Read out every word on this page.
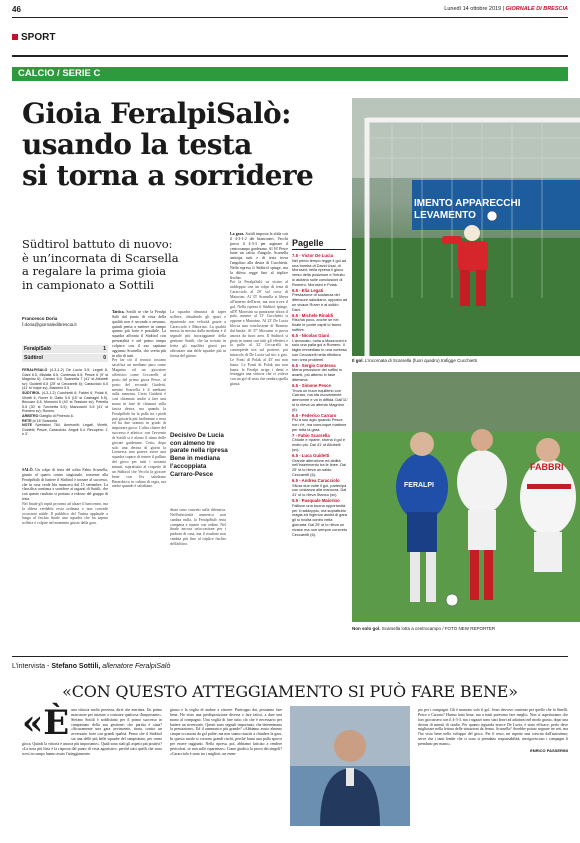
46	Lunedì 14 ottobre 2019 | GIORNALE DI BRESCIA
SPORT
CALCIO / SERIE C
Gioia FeralpiSalò:
usando la testa
si torna a sorridere
IMENTO APPARECCHI
LEVAMENTO
Il gol. L'incornata di Scarsella (fuori quadro) trafigge Cucchietti
Südtirol battuto di nuovo:
è un’incornata di Scarsella
a regalare la prima gioia
in campionato a Sottili
Francesco Doria
f.doria@giornaledibrescia.it
FeralpiSalò	1
Südtirol	0
FERALPISALÒ (4-3-1-2) De Lucia 5.5; Legati 6, Giani 6.5, Mislalia 6.5, Contessa 6.5; Pesce 6 (9' st Magnino 6), Carraro 6.5, Scarsella 7 (41' st Altobelli sv); Guidetti 6.5 (25' st Ceccarelli 6); Caracciolo 6.5 (41' st Volpe sv), Maiorino 5.5
SÜDTIROL (4-3-1-2) Cucchietti 6; Fabbri 6, Polak 6, Vinetti 6, Rover 6; Gatto 5.5 (15' st Casiraghi 5.5), Beccaro 6.5, Morosini 6 (40' st Tessiore sv); Petrella 5.5 (30' st Turchetta 5.5); Mazzocchi 5.5 (41' st Romero sv); Rovero.
ARBITRO Gariglio di Pinerolo 6.
RETE pt 16' Scarsella.
NOTE Spettatori 764. Ammoniti: Legati, Vinetti, Guidetti, Pesce, Caracciolo. Angoli 5-4. Recupero: 1' e 3'.
SALÒ. Un colpo di testa del solito Fabio Scarsella, giunto al quarto centro stagionale, consente alla FeralpiSalò di battere il Südtirol e tornare al successo, che in casa verde blu mancava dal 15 settembre. La classifica continua a sorridere ai ragazzi di Sottili, che con questo risultato si portano a ridosso del gruppo di testa.
Nel finale gli ospiti provano ad alzare il baricentro, ma la difesa verdeblu resta ordinata e non concede occasioni nitide. Il pubblico del Turina applaude a lungo al fischio finale una squadra che ha saputo soffrire e colpire nel momento giusto della gara.
Tattica. Sottili se che la Feralpi Salò dal punto di vista della qualità non è seconda a nessuno, quindi pensa a mettere in campo quanto più forte è possibile. La squadra affronta il Südtirol con personalità e nel primo tempo colpisce con il suo capitano aggiunto Scarsella, che svetta più in alto di tutti.
Per far ciò il tecnico toscano sacrifica un mediano puro come Magnino ed un giocatore offensivo come Ceccarelli: al posto del primo gioca Pesce, al posto del secondo Guidetti, mentre Scarsella è il mediano sulla mancina. Certo Guidetti è così chiamato anche a fare una mano in fase di chiusura sulla fascia destra, ma quando la FeralpiSalò ha la palla tra i piedi può giocarla più facilmente a terra ed ha due uomini in grado di impostare gioco. L'altra chiave del successo è atletica: con l'avvento di Sottili si è alzato il ritmo delle giocate gardesane. Certo, dopo solo una decina di giorni la Leonessa non poteva avere una squadra capace di tenere il pallino del gioco per tutti i novanta minuti, soprattutto al cospetto di un Südtirol che Vecchi fa giocare bene con l'ex salodiano Berardocco in cabina di regia, ma anche quando è salodiano.
La squadra dimostra di saper soffrire, chiudendo gli spazi e ripartendo con velocità grazie a Caracciolo e Maiorino. La qualità messa in mostra dalla mediana è il segnale più incoraggiante della gestione Sottili, che ha trovato in fretta gli equilibri giusti per affrontare una delle squadre più in forma del girone.
Decisivo De Lucia con almeno tre parate nella ripresa Bene in mediana l’accoppiata Carraro-Pesce
diani sono costretti sulla difensiva. Nell'inferiorità numerica non cambia nulla, la FeralpiSalò resta compatta e riparte con ordine. Nel finale ancora un'occasione per i padroni di casa, ma il risultato non cambia più fino al triplice fischio dell'arbitro.
La gara. Sottili imposta la sfida con il 4-3-1-2 dei bianconeri, Vecchi prova il 4-3-3 per arginare il centrocampo gardesano. Al 16' Pesce batte un calcio d'angolo, Scarsella anticipa tutti e di testa trova l'angolino alla destra di Cucchietti. Nella ripresa il Südtirol spinge, ma la difesa regge fino al triplice fischio.
Poi la FeralpiSalò va vicino al raddoppio con un colpo di testa di Caracciolo al 20' sul cross di Maiorino. Al 35' Scarsella si libera all'interno dell'area, ma non trova il gol. Nella ripresa il Südtirol spinge, all'8' Morosini su punizione sfiora il palo, mentre al 15' Cucchietti si oppone a Maiorino. Al 23' De Lucia blocca una conclusione di Romero dal limite. Al 37' Morosini ci prova ancora da fuori area. Il Südtirol si getta in avanti con tutti gli effettivi e la palla al 32' Ceccarelli in contropiede tira sul portiere, poi miracolo di De Lucia sul tiro a giro. Le Fonti di Polak al 45' ma non basta. Le Fonti di Polak ma non basta: la Feralpi strige i denti e festeggia una vittoria che ci voleva con un gol di testa che sembra quella giusta.
Pagelle
7.5 - Victor De Lucia
Nel primo tempo regge il gol ad una bomba di David Usai, di Morosini; nella ripresa il gioco verso della posizione e l'intuito lo aiutano sulle conclusioni di Romero, Morosini e Polak.
6.5 - Elia Legati
Prestazione di sostanza del difensore salodiano, opposto ad un vivace Rover e al solido Davi.
6.5 - Michele Rinaldi
Rischia poco, anche se nel finale le ponte ospiti lo fanno soffrire.
6.5 - Nicolas Giani
L'avvocato, nulla a Mazzocchi e solo una palla gol a Romero. Il taglio immediato in una contesa con Ceccarelli nella rifinitura non crea problemi.
6.5 - Sergio Contessa
Mena precisione del soffisi in avanti, più attento in fase difensiva.
6.5 - Simone Pesce
Trova un buon equilibrio con Carraro, ma sfa nuovamente ammonire e va in diffida. Dall'11' st lo rileva un attento Magnino (6).
6.5 - Federico Carraro
Più a suo agio quando Pesce non c'è, ma comunque mattone per tutta la gara.
7 - Fabio Scarsella
Chiude e riparte, sforna il gol e molto più. Dal 41' st Altobelli (sv).
6.5 - Luca Guidetti
Grande attenzione ed abilità nell'inserimento tra le linee. Dal 25' st lo rileva un saldo Ceccarelli (6).
6.5 - Andrea Caracciolo
Sfiora due volte il gol, partecipa con costanza alla manovra. Dal 41' st lo rileva Stanco (sv).
5.5 - Pasquale Maiorino
Fallisce una buona opportunità per il raddoppio, ma soprattutto magia ed ingenuo assist di gara gli si rivolta contro nella giornata. Dal 25' st lo rileva un vivace ma non sempre concreto Ceccarelli (6).
FERALPI
FABBRI
Non solo gol. Scarsella lotta a centrocampo / FOTO NEW REPORTER
L’intervista - Stefano Sottili, allenatore FeralpiSalò
«CON QUESTO ATTEGGIAMENTO SI PUÒ FARE BENE»
«È una vittoria molto preziosa, direi che meritata. Un primo marcatore per iniziare a costruire qualcosa d'importante». Stefano Sottili è soddisfatto per il primo successo in campionato della sua gestione: che partita è stata? «Sicuramente una gara avvincente, tirata, contro un avversario forte con grandi qualità. Penso che il Südtirol sia una delle più belle squadre del campionato, per come gioca. Quindi la vittoria è ancora più importante». Quali sono stati gli aspetti più positivi? «La nota più lieta è la risposta dal punto di vista agonistico, perché tutti quelli che sono scesi in campo hanno avuto l'atteggiamento
giusto e la voglia di andare a vincere. Purtroppo dai, possiamo fare bene. Ho visto una predisposizione diversa e fare fatica, a dare una mano al compagno. Una voglia di fare tutto ciò che è necessario per battere un avversario. Questi sono segnali importanti, che determinano la prestazione». Ed il rammarico più grande? «Abbiamo avuto almeno cinque occasioni da gol pulite, ma non siamo riusciti a chiudere la gara. In questo modo si corrono grandi rischi, perché basta una palla sporca per essere raggiunti. Nella ripresa, poi, abbiamo faticato a rendere pericolosi, se non sulle ripartenze». Come giudica la prova dei singoli? «Caracciolo è stato tra i migliori, un esem-
pio per i compagni. Gli è mancato solo il gol. Sono davvero contento per quello che fa Sinelli. Pesce e Carraro? Hanno fatto bene, ma a tratti potevano fare meglio. Non ci aspettavamo che loro giocassero con il 4-3-3, ma i ragazzi sono stati bravi ad adattarsi nel modo giusto, dopo una decina di minuti di studio. Per quanto riguarda invece De Lucia, è stato efficace, perlo deve migliorare nella lettura delle situazioni da fermo. Scarsella? Avrebbe potuto segnare tre reti, ma l'ho visto bene nello sviluppo del gioco. Per il resto, mi aspetto una crescita dall'autostima; serve che i tanti leader che ci sono si prendano responsabilità, rinvigoriscono i compagni li prendano per mano».
ENRICO PASSERINI
